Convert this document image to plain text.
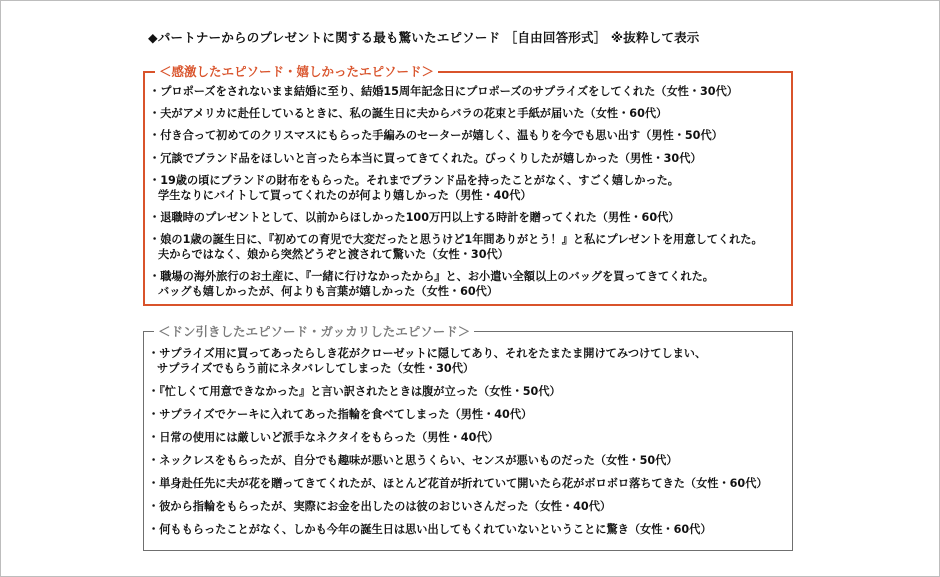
◆パートナーからのプレゼントに関する最も驚いたエピソード ［自由回答形式］ ※抜粋して表示
＜感激したエピソード・嬉しかったエピソード＞
・プロポーズをされないまま結婚に至り、結婚15周年記念日にプロポーズのサプライズをしてくれた（女性・30代）
・夫がアメリカに赴任しているときに、私の誕生日に夫からバラの花束と手紙が届いた（女性・60代）
・付き合って初めてのクリスマスにもらった手編みのセーターが嬉しく、温もりを今でも思い出す（男性・50代）
・冗談でブランド品をほしいと言ったら本当に買ってきてくれた。びっくりしたが嬉しかった（男性・30代）
・19歳の頃にブランドの財布をもらった。それまでブランド品を持ったことがなく、すごく嬉しかった。
学生なりにバイトして買ってくれたのが何より嬉しかった（男性・40代）
・退職時のプレゼントとして、以前からほしかった100万円以上する時計を贈ってくれた（男性・60代）
・娘の1歳の誕生日に、『初めての育児で大変だったと思うけど1年間ありがとう！』と私にプレゼントを用意してくれた。
夫からではなく、娘から突然どうぞと渡されて驚いた（女性・30代）
・職場の海外旅行のお土産に、『一緒に行けなかったから』と、お小遣い全額以上のバッグを買ってきてくれた。
バッグも嬉しかったが、何よりも言葉が嬉しかった（女性・60代）
＜ドン引きしたエピソード・ガッカリしたエピソード＞
・サプライズ用に買ってあったらしき花がクローゼットに隠してあり、それをたまたま開けてみつけてしまい、
サプライズでもらう前にネタバレしてしまった（女性・30代）
・『忙しくて用意できなかった』と言い訳されたときは腹が立った（女性・50代）
・サプライズでケーキに入れてあった指輪を食べてしまった（男性・40代）
・日常の使用には厳しいど派手なネクタイをもらった（男性・40代）
・ネックレスをもらったが、自分でも趣味が悪いと思うくらい、センスが悪いものだった（女性・50代）
・単身赴任先に夫が花を贈ってきてくれたが、ほとんど花首が折れていて開いたら花がボロボロ落ちてきた（女性・60代）
・彼から指輪をもらったが、実際にお金を出したのは彼のおじいさんだった（女性・40代）
・何ももらったことがなく、しかも今年の誕生日は思い出してもくれていないということに驚き（女性・60代）
